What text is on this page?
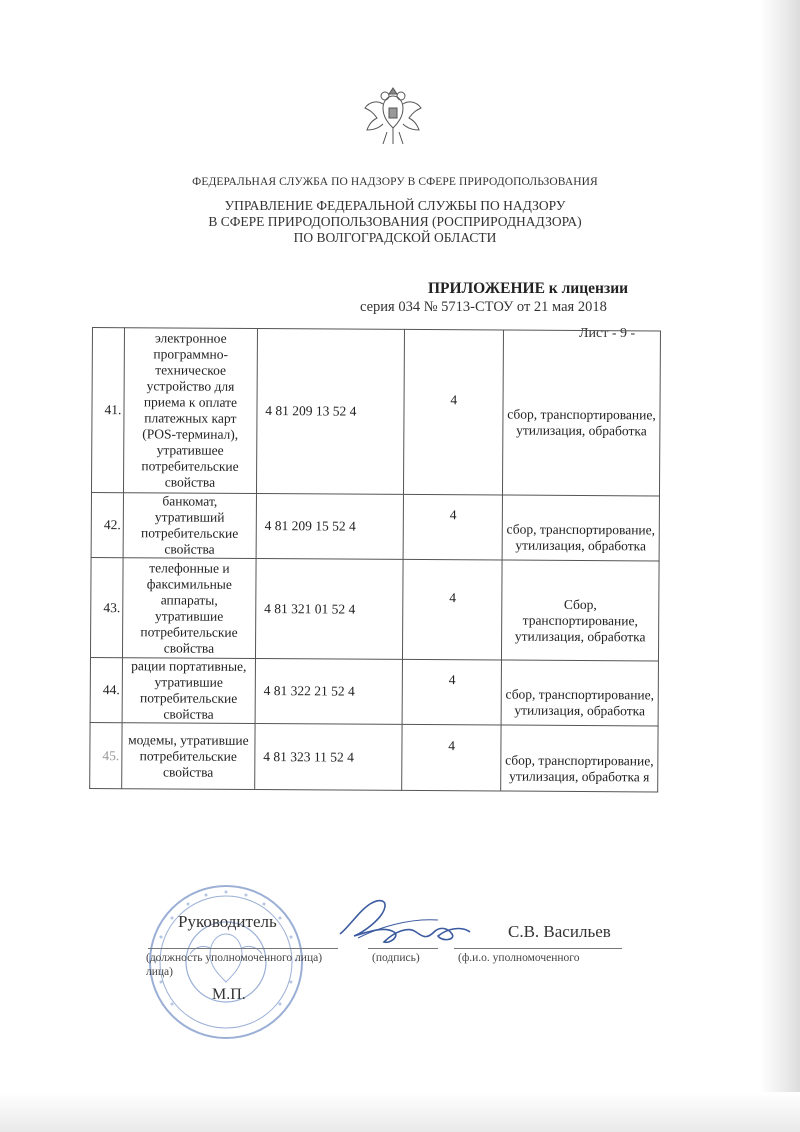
ФЕДЕРАЛЬНАЯ СЛУЖБА ПО НАДЗОРУ В СФЕРЕ ПРИРОДОПОЛЬЗОВАНИЯ
УПРАВЛЕНИЕ ФЕДЕРАЛЬНОЙ СЛУЖБЫ ПО НАДЗОРУ
В СФЕРЕ ПРИРОДОПОЛЬЗОВАНИЯ (РОСПРИРОДНАДЗОРА)
ПО ВОЛГОГРАДСКОЙ ОБЛАСТИ
ПРИЛОЖЕНИЕ к лицензии
серия 034 № 5713-СТОУ от 21 мая 2018
Лист - 9 -
41.	электронное программно-техническое устройство для приема к оплате платежных карт (POS-терминал), утратившее потребительские свойства	4 81 209 13 52 4	4	сбор, транспортирование, утилизация, обработка
42.	банкомат, утративший потребительские свойства	4 81 209 15 52 4	4	сбор, транспортирование, утилизация, обработка
43.	телефонные и факсимильные аппараты, утратившие потребительские свойства	4 81 321 01 52 4	4	Сбор, транспортирование, утилизация, обработка
44.	рации портативные, утратившие потребительские свойства	4 81 322 21 52 4	4	сбор, транспортирование, утилизация, обработка
45.	модемы, утратившие потребительские свойства	4 81 323 11 52 4	4	сбор, транспортирование, утилизация, обработка я
Руководитель
С.В. Васильев
(должность уполномоченного лица)
лица)
(подпись)	(ф.и.о. уполномоченного
М.П.
